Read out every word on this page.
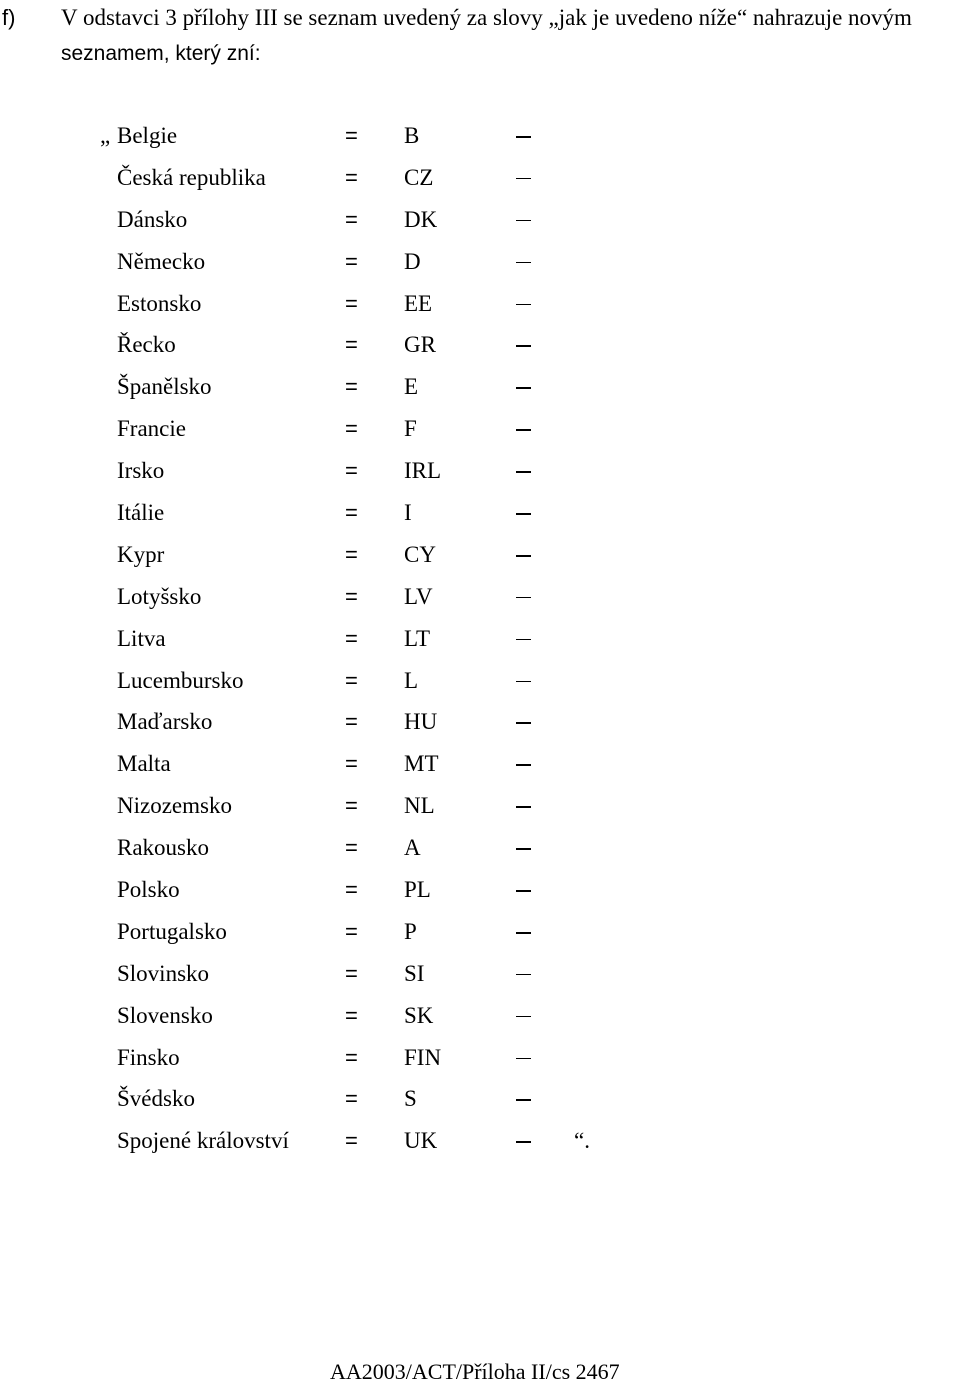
f) V odstavci 3 přílohy III se seznam uvedený za slovy „jak je uvedeno níže“ nahrazuje novým
seznamem, který zní:
„ Belgie	= B
Česká republika	= CZ
Dánsko	= DK
Německo	= D
Estonsko	= EE
Řecko	= GR
Španělsko	= E
Francie	= F
Irsko	= IRL
Itálie	= I
Kypr	= CY
Lotyšsko	= LV
Litva	= LT
Lucembursko	= L
Maďarsko	= HU
Malta	= MT
Nizozemsko	= NL
Rakousko	= A
Polsko	= PL
Portugalsko	= P
Slovinsko	= SI
Slovensko	= SK
Finsko	= FIN
Švédsko	= S
Spojené království	= UK	“.
AA2003/ACT/Příloha II/cs 2467
